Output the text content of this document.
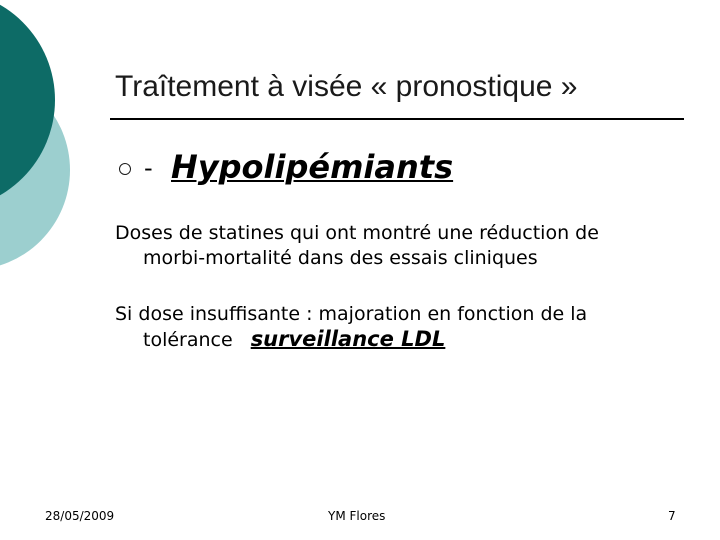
Traîtement à visée « pronostique »
- Hypolipémiants
Doses de statines qui ont montré une réduction de
morbi-mortalité dans des essais cliniques
Si dose insuffisante : majoration en fonction de la
tolérance surveillance LDL
28/05/2009	YM Flores	7
